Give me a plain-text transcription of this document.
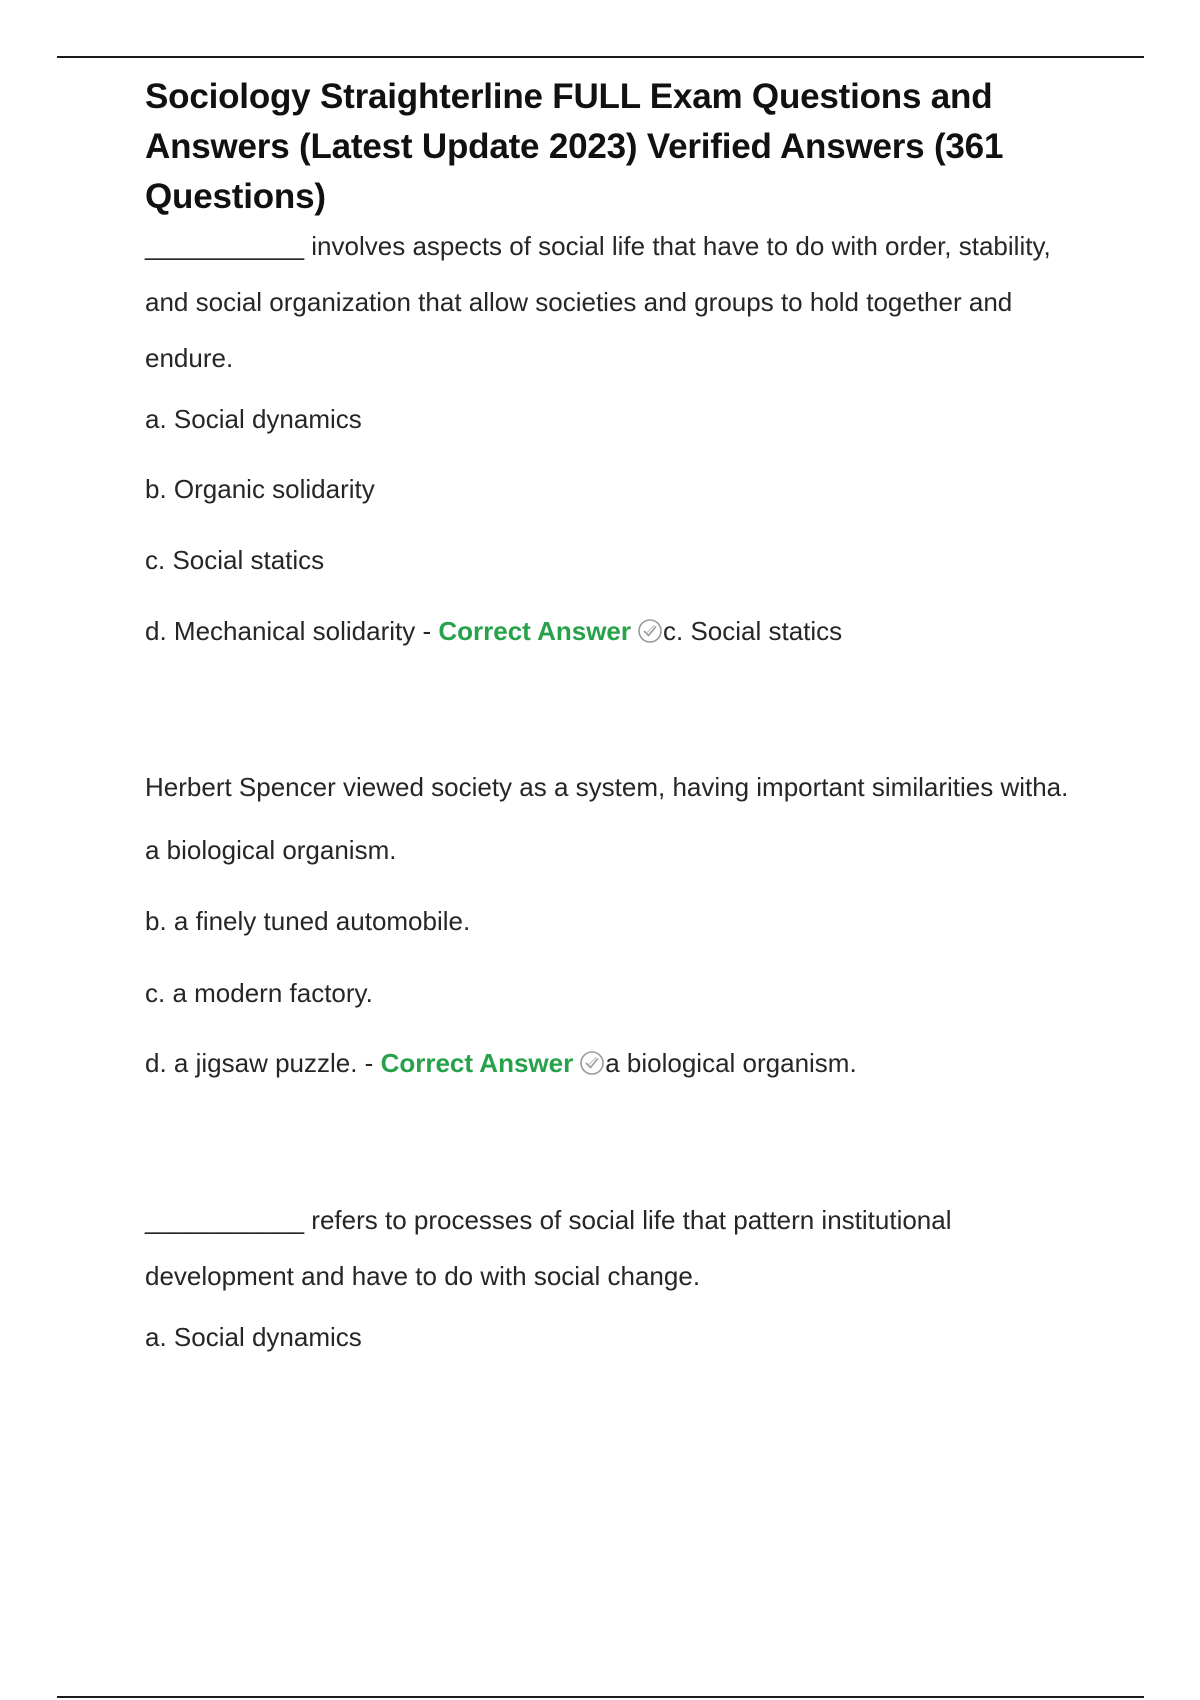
Sociology Straighterline FULL Exam Questions and Answers (Latest Update 2023) Verified Answers (361 Questions)

___________ involves aspects of social life that have to do with order, stability, and social organization that allow societies and groups to hold together and endure.

a. Social dynamics

b. Organic solidarity

c. Social statics

d. Mechanical solidarity - Correct Answer c. Social statics

Herbert Spencer viewed society as a system, having important similarities witha.

a biological organism.

b. a finely tuned automobile.

c. a modern factory.

d. a jigsaw puzzle. - Correct Answer a biological organism.

___________ refers to processes of social life that pattern institutional development and have to do with social change.

a. Social dynamics
